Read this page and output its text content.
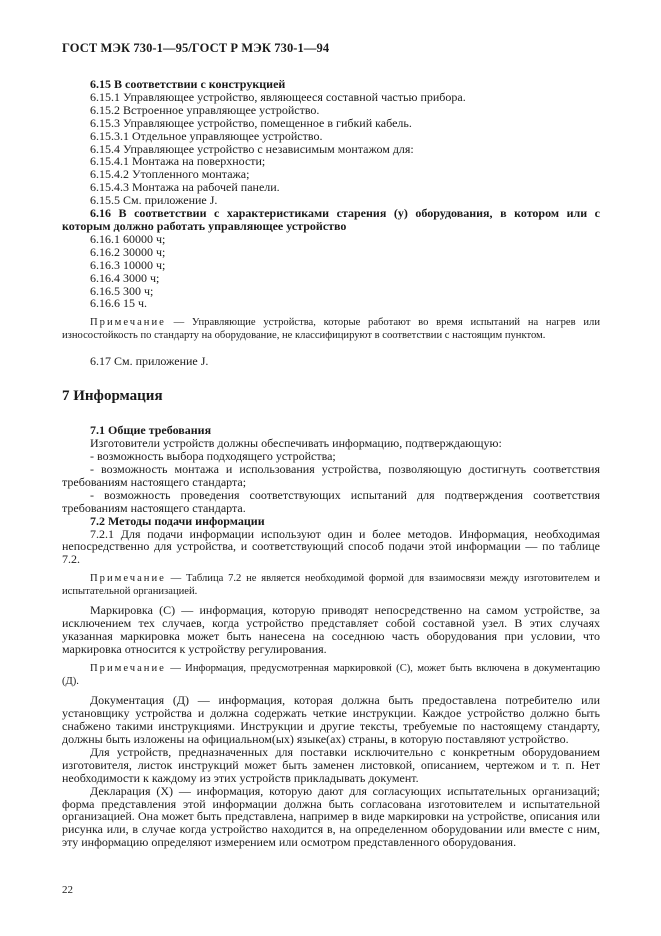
ГОСТ МЭК 730-1—95/ГОСТ Р МЭК 730-1—94

6.15 В соответствии с конструкцией

6.15.1 Управляющее устройство, являющееся составной частью прибора.

6.15.2 Встроенное управляющее устройство.

6.15.3 Управляющее устройство, помещенное в гибкий кабель.

6.15.3.1 Отдельное управляющее устройство.

6.15.4 Управляющее устройство с независимым монтажом для:

6.15.4.1 Монтажа на поверхности;

6.15.4.2 Утопленного монтажа;

6.15.4.3 Монтажа на рабочей панели.

6.15.5 См. приложение J.

6.16 В соответствии с характеристиками старения (у) оборудования, в котором или с которым должно работать управляющее устройство

6.16.1 60000 ч;

6.16.2 30000 ч;

6.16.3 10000 ч;

6.16.4 3000 ч;

6.16.5 300 ч;

6.16.6 15 ч.

Примечание — Управляющие устройства, которые работают во время испытаний на нагрев или износостойкость по стандарту на оборудование, не классифицируют в соответствии с настоящим пунктом.

6.17 См. приложение J.

7 Информация

7.1 Общие требования

Изготовители устройств должны обеспечивать информацию, подтверждающую:

- возможность выбора подходящего устройства;

- возможность монтажа и использования устройства, позволяющую достигнуть соответствия требованиям настоящего стандарта;

- возможность проведения соответствующих испытаний для подтверждения соответствия требованиям настоящего стандарта.

7.2 Методы подачи информации

7.2.1 Для подачи информации используют один и более методов. Информация, необходимая непосредственно для устройства, и соответствующий способ подачи этой информации — по таблице 7.2.

Примечание — Таблица 7.2 не является необходимой формой для взаимосвязи между изготовителем и испытательной организацией.

Маркировка (С) — информация, которую приводят непосредственно на самом устройстве, за исключением тех случаев, когда устройство представляет собой составной узел. В этих случаях указанная маркировка может быть нанесена на соседнюю часть оборудования при условии, что маркировка относится к устройству регулирования.

Примечание — Информация, предусмотренная маркировкой (С), может быть включена в документацию (Д).

Документация (Д) — информация, которая должна быть предоставлена потребителю или установщику устройства и должна содержать четкие инструкции. Каждое устройство должно быть снабжено такими инструкциями. Инструкции и другие тексты, требуемые по настоящему стандарту, должны быть изложены на официальном(ых) языке(ах) страны, в которую поставляют устройство.

Для устройств, предназначенных для поставки исключительно с конкретным оборудованием изготовителя, листок инструкций может быть заменен листовкой, описанием, чертежом и т. п. Нет необходимости к каждому из этих устройств прикладывать документ.

Декларация (Х) — информация, которую дают для согласующих испытательных организаций; форма представления этой информации должна быть согласована изготовителем и испытательной организацией. Она может быть представлена, например в виде маркировки на устройстве, описания или рисунка или, в случае когда устройство находится в, на определенном оборудовании или вместе с ним, эту информацию определяют измерением или осмотром представленного оборудования.

22
